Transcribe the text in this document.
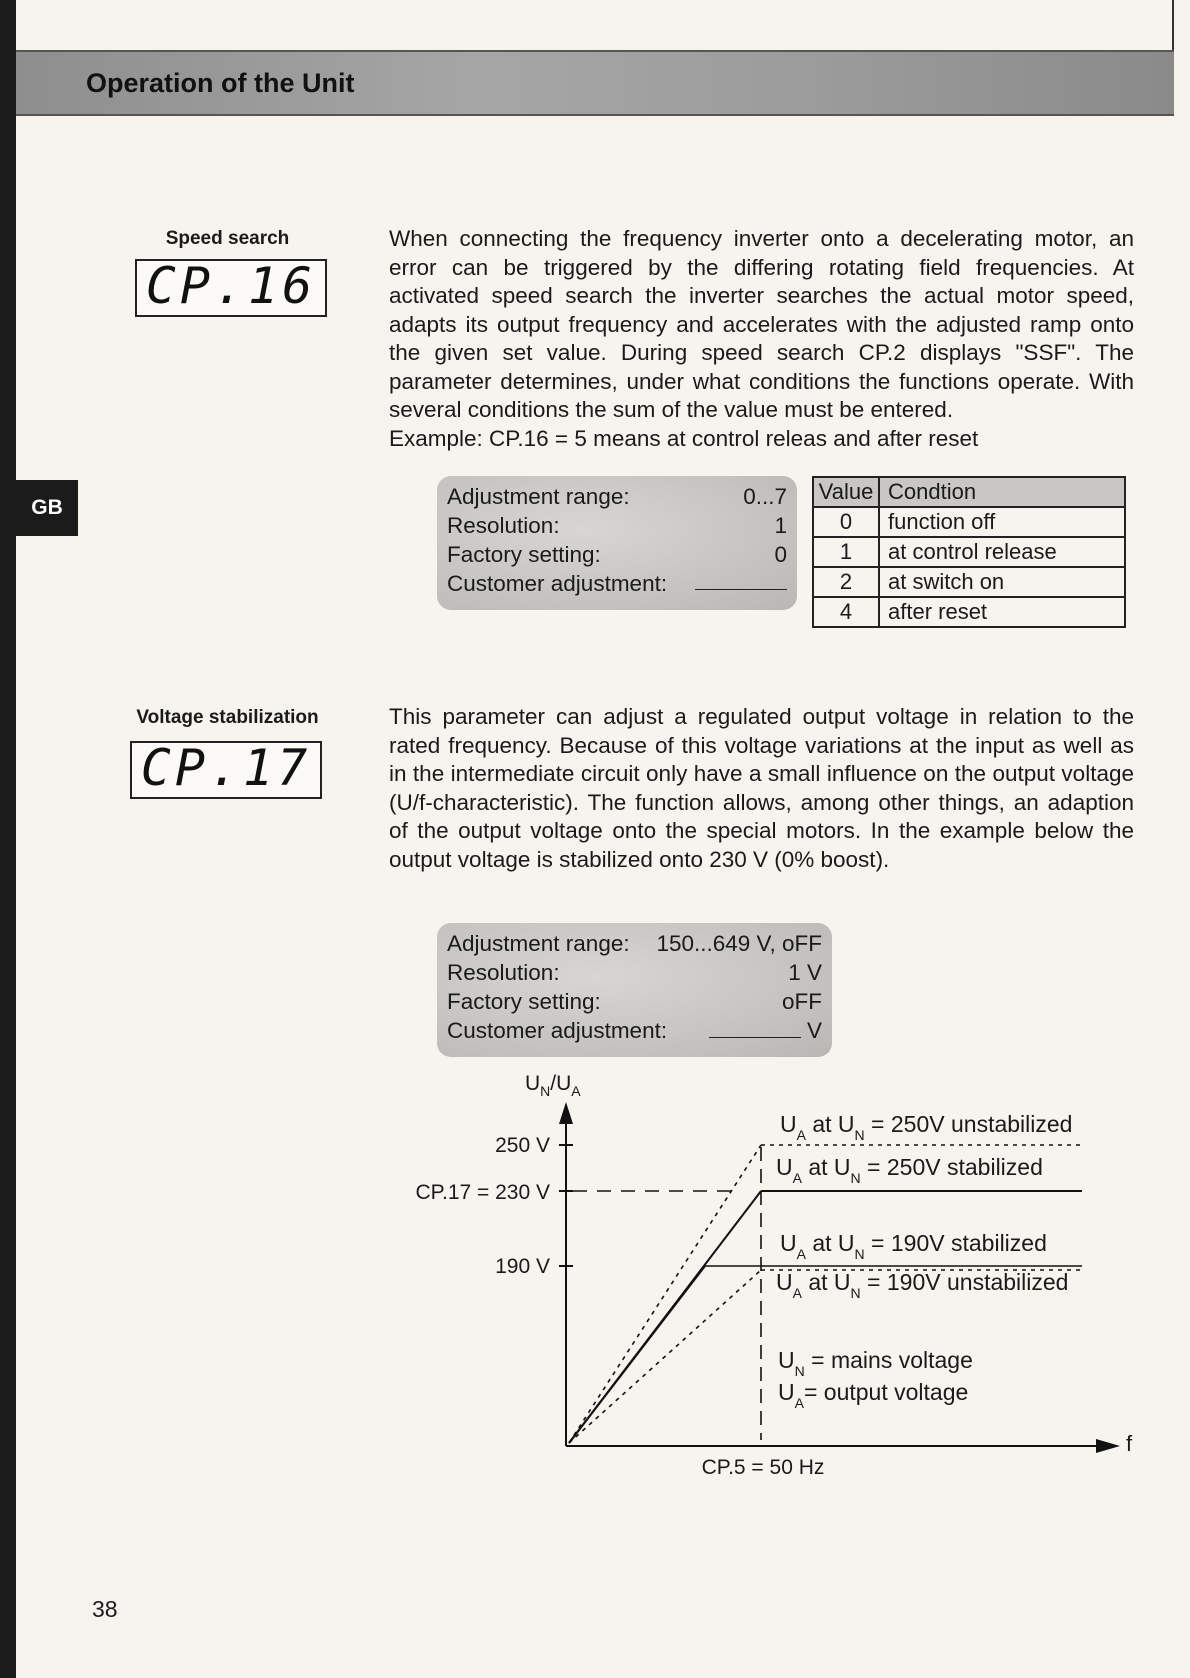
Operation of the Unit
GB
Speed search
CP.16

When connecting the frequency inverter onto a decelerating motor, an error can be triggered by the differing rotating field frequencies. At activated speed search the inverter searches the actual motor speed, adapts its output frequency and accelerates with the adjusted ramp onto the given set value. During speed search CP.2 displays "SSF". The parameter determines, under what conditions the functions operate. With several conditions the sum of the value must be entered.

Example: CP.16 = 5 means at control releas and after reset

Adjustment range:	0...7
Resolution:	1
Factory setting:	0
Customer adjustment:
Value	Condtion
0	function off
1	at control release
2	at switch on
4	after reset
Voltage stabilization
CP.17

This parameter can adjust a regulated output voltage in relation to the rated frequency. Because of this voltage variations at the input as well as in the intermediate circuit only have a small influence on the output voltage (U/f-characteristic). The function allows, among other things, an adaption of the output voltage onto the special motors. In the example below the output voltage is stabilized onto 230 V (0% boost).

Adjustment range: 150...649 V, oFF
Resolution:	1 V
Factory setting:	oFF
Customer adjustment:	V
$U_N/U_A$
f
250 V
CP.17 = 230 V
190 V
$U_A$ at $U_N = 250V$ unstabilized
$U_A$ at $U_N = 250V$ stabilized
$U_A$ at $U_N = 190V$ stabilized
$U_A$ at $U_N = 190V$ unstabilized
$U_N$ = mains voltage
$U_A=$ output voltage
CP.5 = 50 Hz
38
